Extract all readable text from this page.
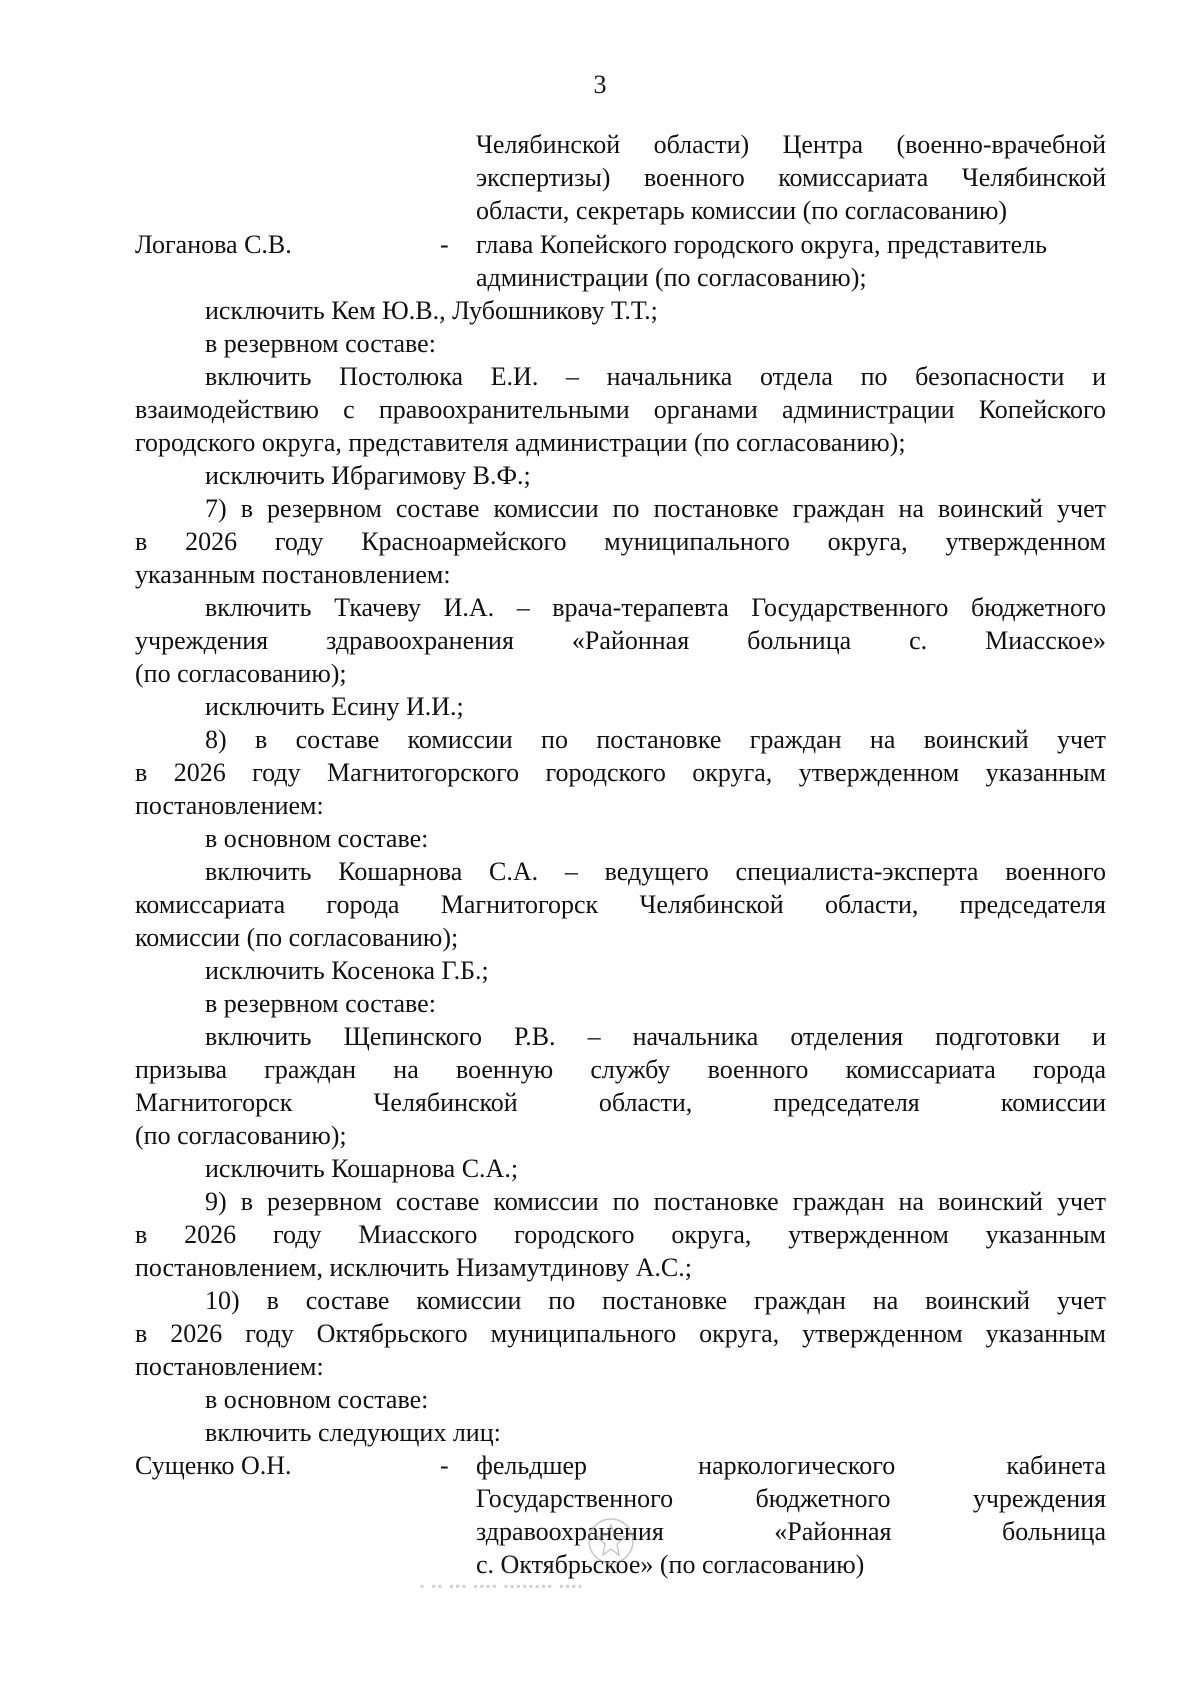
3
Челябинской области) Центра (военно-врачебной
экспертизы) военного комиссариата Челябинской
области, секретарь комиссии (по согласованию)
Логанова С.В.	- глава Копейского городского округа, представитель
администрации (по согласованию);
исключить Кем Ю.В., Лубошникову Т.Т.;
в резервном составе:
включить Постолюка Е.И. – начальника отдела по безопасности и
взаимодействию с правоохранительными органами администрации Копейского
городского округа, представителя администрации (по согласованию);
исключить Ибрагимову В.Ф.;
7) в резервном составе комиссии по постановке граждан на воинский учет
в 2026 году Красноармейского муниципального округа, утвержденном
указанным постановлением:
включить Ткачеву И.А. – врача-терапевта Государственного бюджетного
учреждения здравоохранения «Районная больница с. Миасское»
(по согласованию);
исключить Есину И.И.;
8) в составе комиссии по постановке граждан на воинский учет
в 2026 году Магнитогорского городского округа, утвержденном указанным
постановлением:
в основном составе:
включить Кошарнова С.А. – ведущего специалиста-эксперта военного
комиссариата города Магнитогорск Челябинской области, председателя
комиссии (по согласованию);
исключить Косенока Г.Б.;
в резервном составе:
включить Щепинского Р.В. – начальника отделения подготовки и
призыва граждан на военную службу военного комиссариата города
Магнитогорск Челябинской области, председателя комиссии
(по согласованию);
исключить Кошарнова С.А.;
9) в резервном составе комиссии по постановке граждан на воинский учет
в 2026 году Миасского городского округа, утвержденном указанным
постановлением, исключить Низамутдинову А.С.;
10) в составе комиссии по постановке граждан на воинский учет
в 2026 году Октябрьского муниципального округа, утвержденном указанным
постановлением:
в основном составе:
включить следующих лиц:
Сущенко О.Н.	- фельдшер наркологического кабинета
Государственного бюджетного учреждения
здравоохранения «Районная больница
с. Октябрьское» (по согласованию)
▪ ▪▪ ▪▪▪ ▪▪▪▪ ▪▪▪▪▪▪▪▪ ▪▪▪▪
